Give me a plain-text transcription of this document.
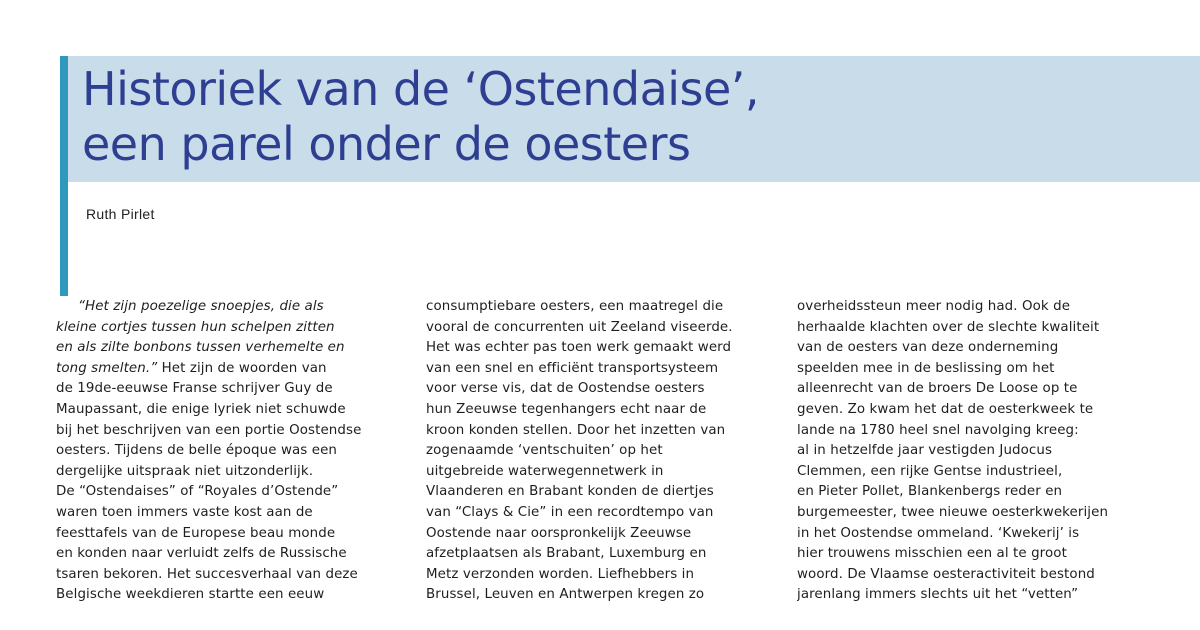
Historiek van de ‘Ostendaise’,
een parel onder de oesters
Ruth Pirlet
“Het zijn poezelige snoepjes, die als
kleine cortjes tussen hun schelpen zitten
en als zilte bonbons tussen verhemelte en
tong smelten.” Het zijn de woorden van
de 19de-eeuwse Franse schrijver Guy de
Maupassant, die enige lyriek niet schuwde
bij het beschrijven van een portie Oostendse
oesters. Tijdens de belle époque was een
dergelijke uitspraak niet uitzonderlijk.
De “Ostendaises” of “Royales d’Ostende”
waren toen immers vaste kost aan de
feesttafels van de Europese beau monde
en konden naar verluidt zelfs de Russische
tsaren bekoren. Het succesverhaal van deze
Belgische weekdieren startte een eeuw
consumptiebare oesters, een maatregel die
vooral de concurrenten uit Zeeland viseerde.
Het was echter pas toen werk gemaakt werd
van een snel en efficiënt transportsysteem
voor verse vis, dat de Oostendse oesters
hun Zeeuwse tegenhangers echt naar de
kroon konden stellen. Door het inzetten van
zogenaamde ‘ventschuiten’ op het
uitgebreide waterwegennetwerk in
Vlaanderen en Brabant konden de diertjes
van “Clays & Cie” in een recordtempo van
Oostende naar oorspronkelijk Zeeuwse
afzetplaatsen als Brabant, Luxemburg en
Metz verzonden worden. Liefhebbers in
Brussel, Leuven en Antwerpen kregen zo
overheidssteun meer nodig had. Ook de
herhaalde klachten over de slechte kwaliteit
van de oesters van deze onderneming
speelden mee in de beslissing om het
alleenrecht van de broers De Loose op te
geven. Zo kwam het dat de oesterkweek te
lande na 1780 heel snel navolging kreeg:
al in hetzelfde jaar vestigden Judocus
Clemmen, een rijke Gentse industrieel,
en Pieter Pollet, Blankenbergs reder en
burgemeester, twee nieuwe oesterkwekerijen
in het Oostendse ommeland. ‘Kwekerij’ is
hier trouwens misschien een al te groot
woord. De Vlaamse oesteractiviteit bestond
jarenlang immers slechts uit het “vetten”
